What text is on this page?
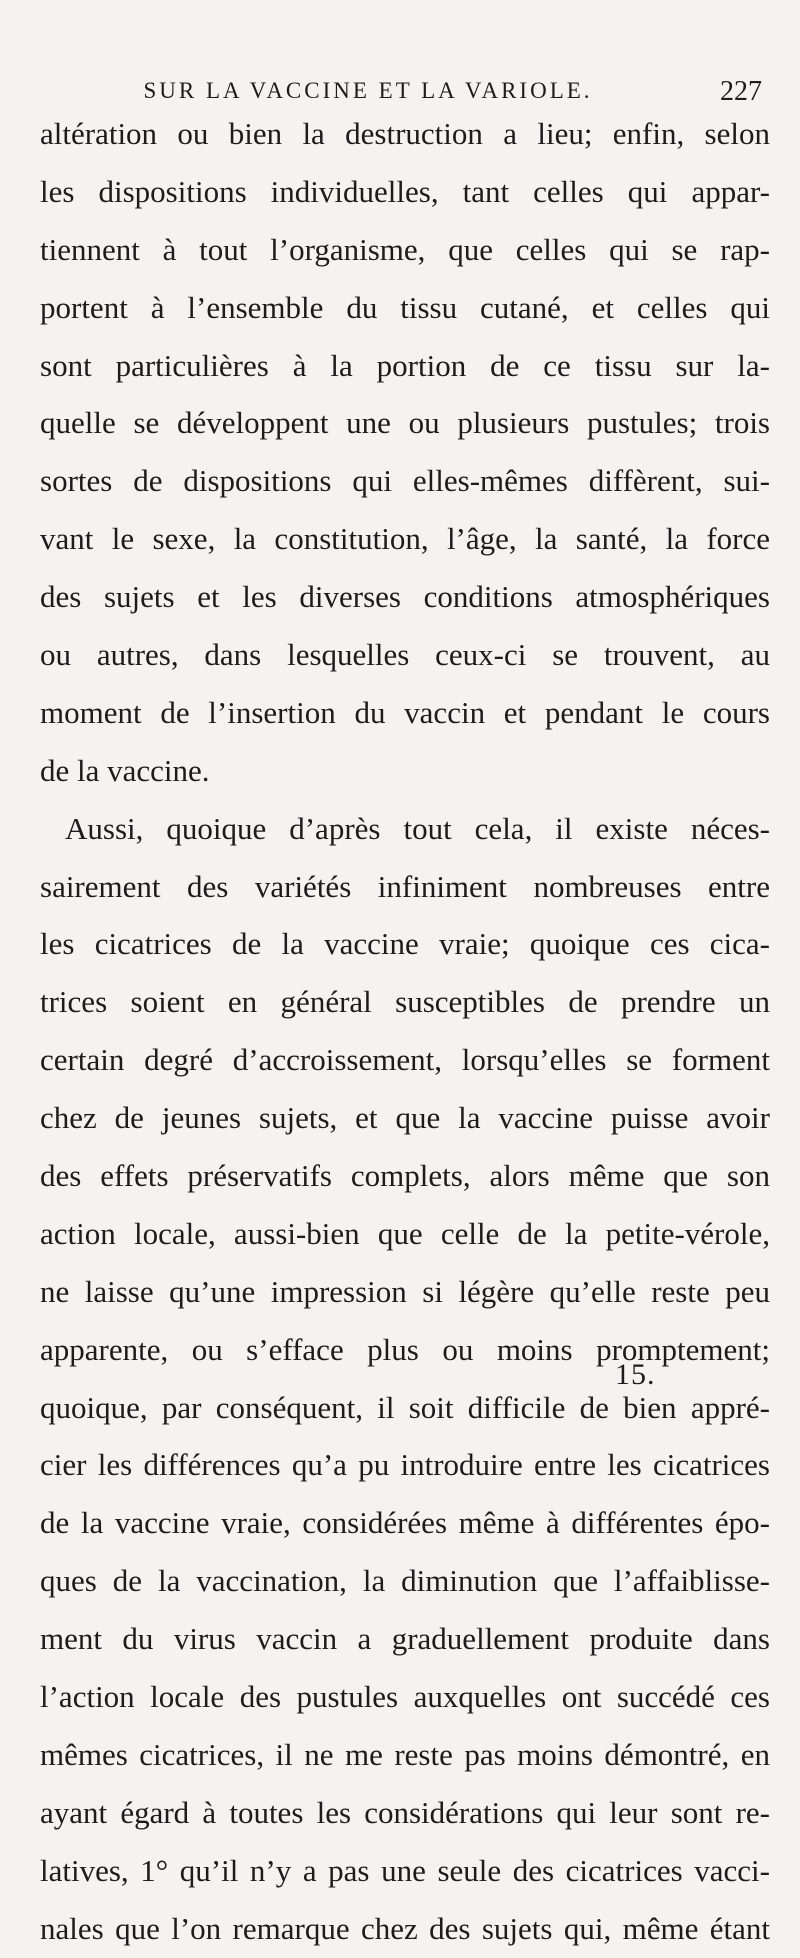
SUR LA VACCINE ET LA VARIOLE.	227
altération ou bien la destruction a lieu; enfin, selon
les dispositions individuelles, tant celles qui appar-
tiennent à tout l’organisme, que celles qui se rap-
portent à l’ensemble du tissu cutané, et celles qui
sont particulières à la portion de ce tissu sur la-
quelle se développent une ou plusieurs pustules; trois
sortes de dispositions qui elles-mêmes diffèrent, sui-
vant le sexe, la constitution, l’âge, la santé, la force
des sujets et les diverses conditions atmosphériques
ou autres, dans lesquelles ceux-ci se trouvent, au
moment de l’insertion du vaccin et pendant le cours
de la vaccine.
Aussi, quoique d’après tout cela, il existe néces-
sairement des variétés infiniment nombreuses entre
les cicatrices de la vaccine vraie; quoique ces cica-
trices soient en général susceptibles de prendre un
certain degré d’accroissement, lorsqu’elles se forment
chez de jeunes sujets, et que la vaccine puisse avoir
des effets préservatifs complets, alors même que son
action locale, aussi-bien que celle de la petite-vérole,
ne laisse qu’une impression si légère qu’elle reste peu
apparente, ou s’efface plus ou moins promptement;
quoique, par conséquent, il soit difficile de bien appré-
cier les différences qu’a pu introduire entre les cicatrices
de la vaccine vraie, considérées même à différentes épo-
ques de la vaccination, la diminution que l’affaiblisse-
ment du virus vaccin a graduellement produite dans
l’action locale des pustules auxquelles ont succédé ces
mêmes cicatrices, il ne me reste pas moins démontré, en
ayant égard à toutes les considérations qui leur sont re-
latives, 1° qu’il n’y a pas une seule des cicatrices vacci-
nales que l’on remarque chez des sujets qui, même étant
15.
